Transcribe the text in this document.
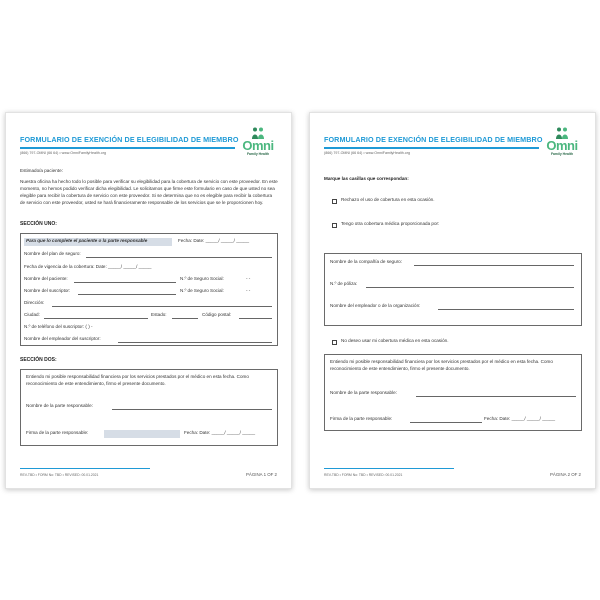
FORMULARIO DE EXENCIÓN DE ELEGIBILIDAD DE MIEMBRO
(866) 797-OMNI (66 64) • www.OmniFamilyHealth.org	Omni
Family Health
Estimado/a paciente:
Nuestra oficina ha hecho todo lo posible para verificar su elegibilidad para la cobertura de servicio con este proveedor. En este momento, no hemos podido verificar dicha elegibilidad. Le solicitamos que firme este formulario en caso de que usted no sea elegible para recibir la cobertura de servicio con este proveedor. Si se determina que no es elegible para recibir la cobertura de servicio con este proveedor, usted se hará financieramente responsable de los servicios que se le proporcionen hoy.
SECCIÓN UNO:
Para que lo complete el paciente o la parte responsable	Fecha: Date: _____/ _____/ _____
Nombre del plan de seguro:
Fecha de vigencia de la cobertura: Date: _____/ _____/ _____
Nombre del paciente:	N.º de Seguro Social:	- -
Nombre del suscriptor:	N.º de Seguro Social:	- -
Dirección:
Ciudad:	Estado:	Código postal:
N.º de teléfono del suscriptor: ( ) -
Nombre del empleador del suscriptor:
SECCIÓN DOS:
Entiendo mi posible responsabilidad financiera por los servicios prestados por el médico en esta fecha. Como reconocimiento de este entendimiento, firmo el presente documento.
Nombre de la parte responsable:
Firma de la parte responsable:	Fecha: Date: _____/ _____/ _____
REV-TBD • FORM No: TBD • REVISED: 00.01.2021	PÁGINA 1 OF 2
FORMULARIO DE EXENCIÓN DE ELEGIBILIDAD DE MIEMBRO
(866) 797-OMNI (66 64) • www.OmniFamilyHealth.org	Omni
Family Health
Marque las casillas que correspondan:
Rechazo el uso de cobertura en esta ocasión.
Tengo otra cobertura médica proporcionada por:
Nombre de la compañía de seguro:
N.º de póliza:
Nombre del empleador o de la organización:
No deseo usar mi cobertura médica en esta ocasión.
Entiendo mi posible responsabilidad financiera por los servicios prestados por el médico en esta fecha. Como reconocimiento de este entendimiento, firmo el presente documento.
Nombre de la parte responsable:
Firma de la parte responsable:	Fecha: Date: _____/ _____/ _____
REV-TBD • FORM No: TBD • REVISED: 00.01.2021	PÁGINA 2 OF 2
